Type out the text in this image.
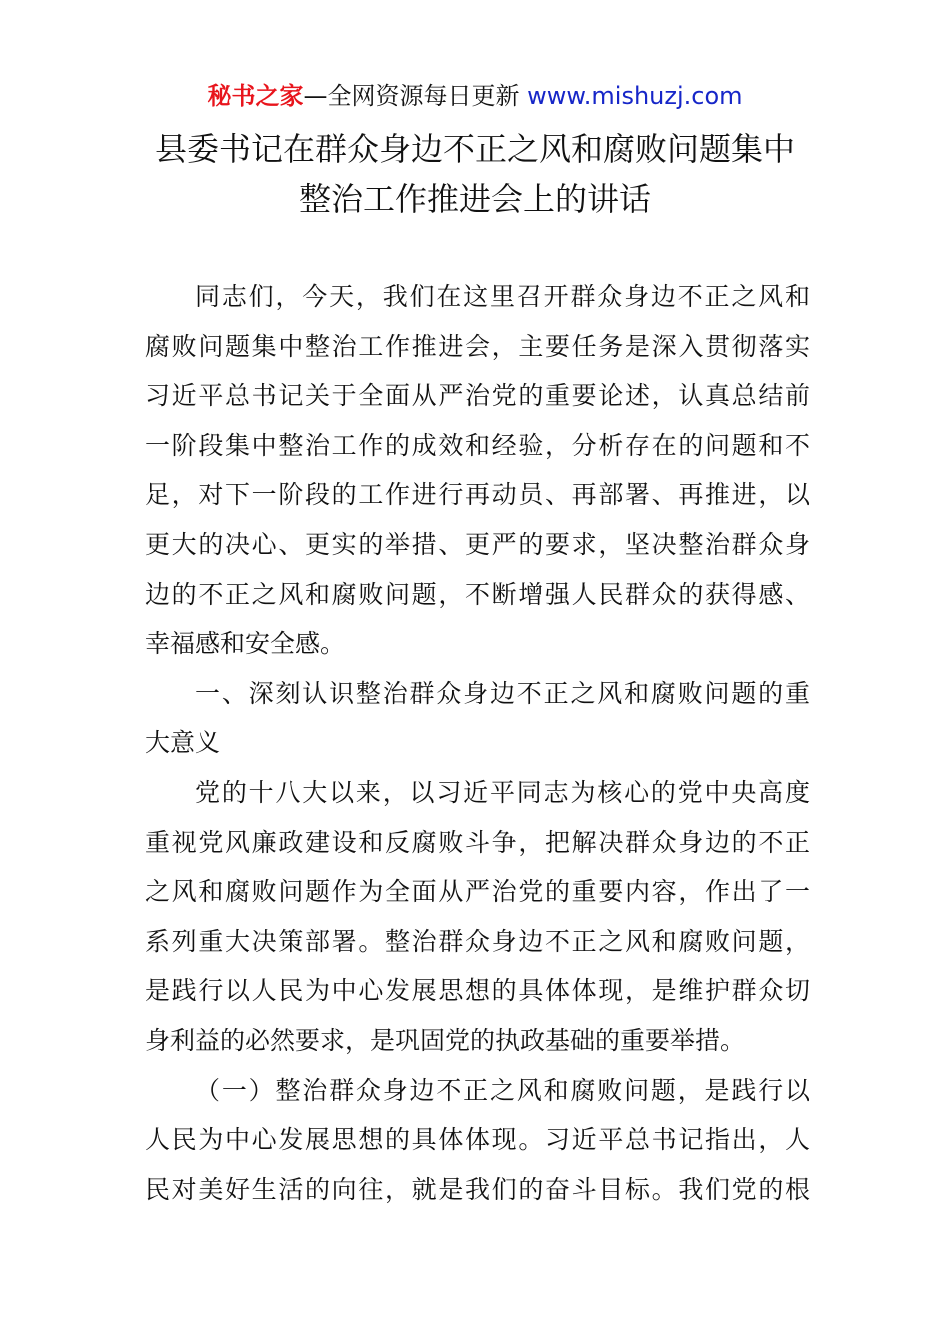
秘书之家—全网资源每日更新 www.mishuzj.com
县委书记在群众身边不正之风和腐败问题集中
整治工作推进会上的讲话
同志们，今天，我们在这里召开群众身边不正之风和
腐败问题集中整治工作推进会，主要任务是深入贯彻落实
习近平总书记关于全面从严治党的重要论述，认真总结前
一阶段集中整治工作的成效和经验，分析存在的问题和不
足，对下一阶段的工作进行再动员、再部署、再推进，以
更大的决心、更实的举措、更严的要求，坚决整治群众身
边的不正之风和腐败问题，不断增强人民群众的获得感、
幸福感和安全感。
一、深刻认识整治群众身边不正之风和腐败问题的重
大意义
党的十八大以来，以习近平同志为核心的党中央高度
重视党风廉政建设和反腐败斗争，把解决群众身边的不正
之风和腐败问题作为全面从严治党的重要内容，作出了一
系列重大决策部署。整治群众身边不正之风和腐败问题，
是践行以人民为中心发展思想的具体体现，是维护群众切
身利益的必然要求，是巩固党的执政基础的重要举措。
（一）整治群众身边不正之风和腐败问题，是践行以
人民为中心发展思想的具体体现。习近平总书记指出，人
民对美好生活的向往，就是我们的奋斗目标。我们党的根
